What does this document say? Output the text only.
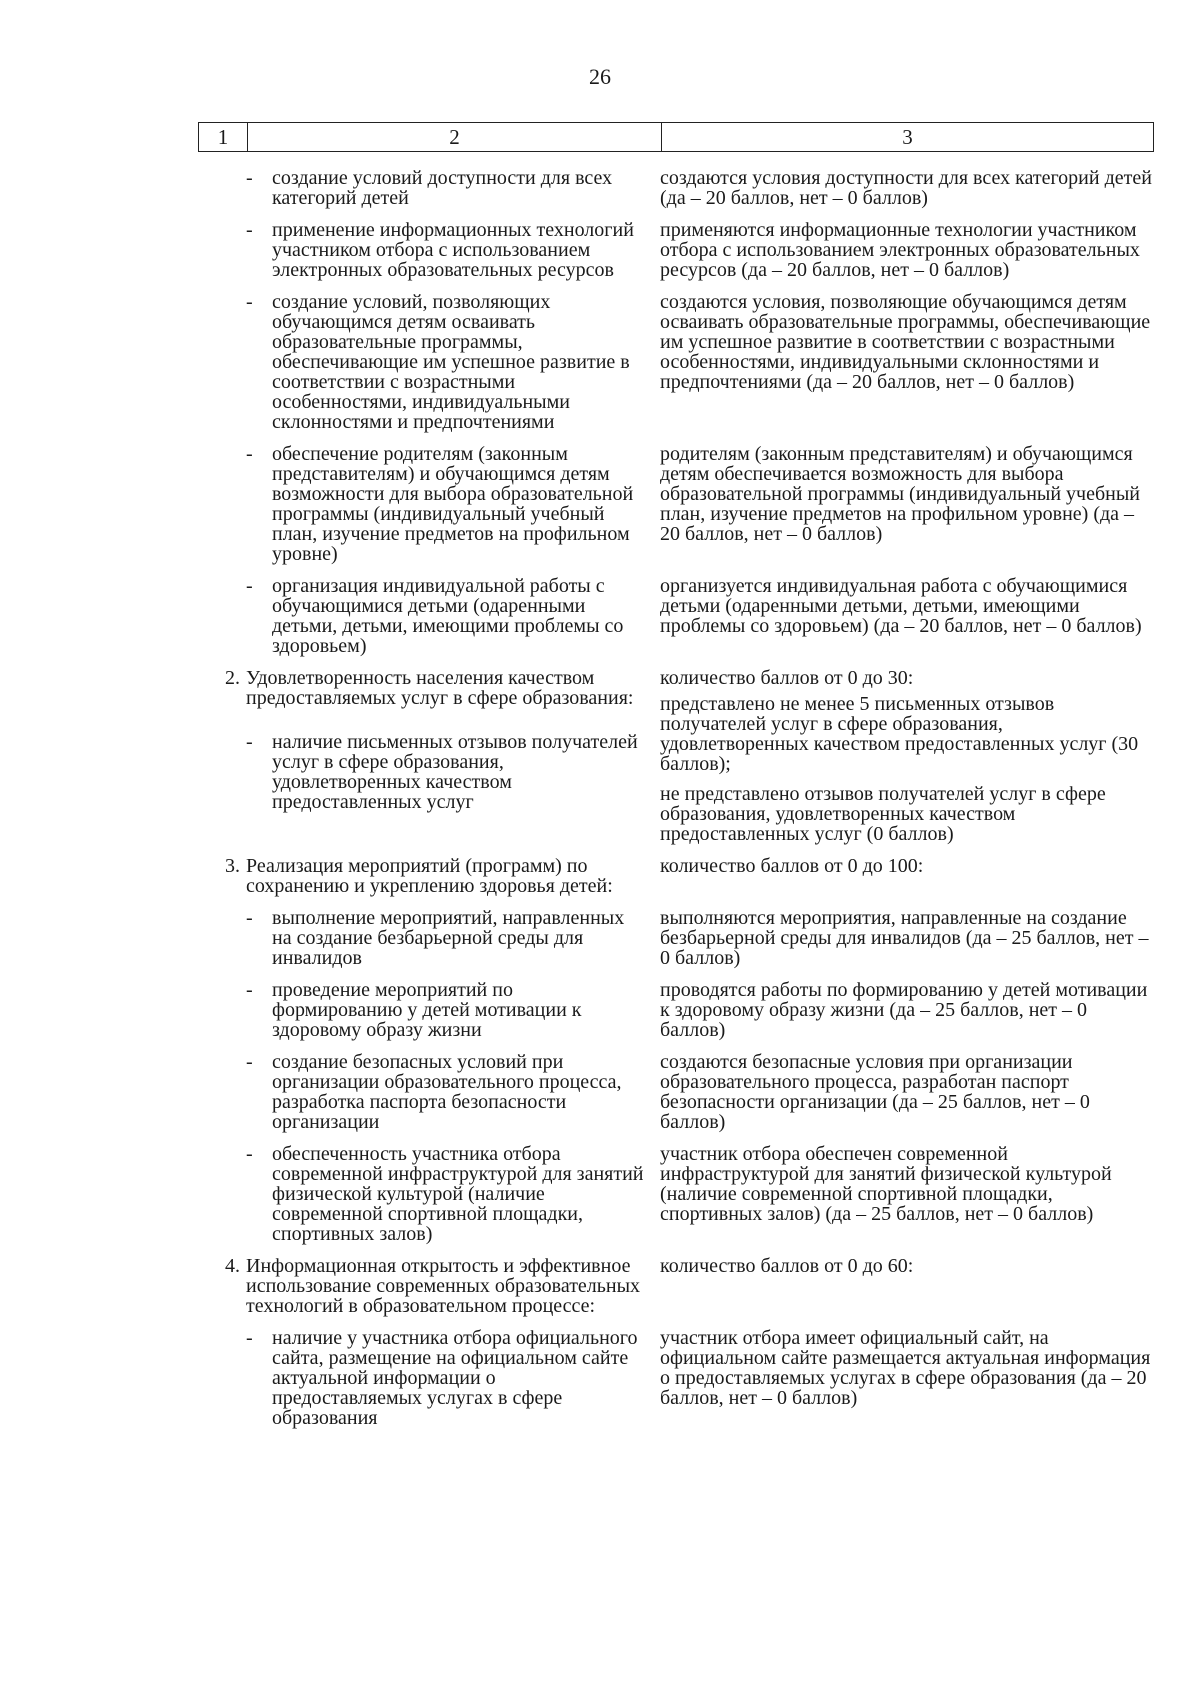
26
1	2	3
- создание условий доступности для всех категорий детей
создаются условия доступности для всех категорий детей (да – 20 баллов, нет – 0 баллов)
- применение информационных технологий участником отбора с использованием электронных образовательных ресурсов
применяются информационные технологии участником отбора с использованием электронных образовательных ресурсов (да – 20 баллов, нет – 0 баллов)
- создание условий, позволяющих обучающимся детям осваивать образовательные программы, обеспечивающие им успешное развитие в соответствии с возрастными особенностями, индивидуальными склонностями и предпочтениями
создаются условия, позволяющие обучающимся детям осваивать образовательные программы, обеспечивающие им успешное развитие в соответствии с возрастными особенностями, индивидуальными склонностями и предпочтениями (да – 20 баллов, нет – 0 баллов)
- обеспечение родителям (законным представителям) и обучающимся детям возможности для выбора образовательной программы (индивидуальный учебный план, изучение предметов на профильном уровне)
родителям (законным представителям) и обучающимся детям обеспечивается возможность для выбора образовательной программы (индивидуальный учебный план, изучение предметов на профильном уровне) (да – 20 баллов, нет – 0 баллов)
- организация индивидуальной работы с обучающимися детьми (одаренными детьми, детьми, имеющими проблемы со здоровьем)
организуется индивидуальная работа с обучающимися детьми (одаренными детьми, детьми, имеющими проблемы со здоровьем) (да – 20 баллов, нет – 0 баллов)
2. Удовлетворенность населения качеством предоставляемых услуг в сфере образования:
количество баллов от 0 до 30:
- наличие письменных отзывов получателей услуг в сфере образования, удовлетворенных качеством предоставленных услуг
представлено не менее 5 письменных отзывов получателей услуг в сфере образования, удовлетворенных качеством предоставленных услуг (30 баллов);
не представлено отзывов получателей услуг в сфере образования, удовлетворенных качеством предоставленных услуг (0 баллов)
3. Реализация мероприятий (программ) по сохранению и укреплению здоровья детей:
количество баллов от 0 до 100:
- выполнение мероприятий, направленных на создание безбарьерной среды для инвалидов
выполняются мероприятия, направленные на создание безбарьерной среды для инвалидов (да – 25 баллов, нет – 0 баллов)
- проведение мероприятий по формированию у детей мотивации к здоровому образу жизни
проводятся работы по формированию у детей мотивации к здоровому образу жизни (да – 25 баллов, нет – 0 баллов)
- создание безопасных условий при организации образовательного процесса, разработка паспорта безопасности организации
создаются безопасные условия при организации образовательного процесса, разработан паспорт безопасности организации (да – 25 баллов, нет – 0 баллов)
- обеспеченность участника отбора современной инфраструктурой для занятий физической культурой (наличие современной спортивной площадки, спортивных залов)
участник отбора обеспечен современной инфраструктурой для занятий физической культурой (наличие современной спортивной площадки, спортивных залов) (да – 25 баллов, нет – 0 баллов)
4. Информационная открытость и эффективное использование современных образовательных технологий в образовательном процессе:
количество баллов от 0 до 60:
- наличие у участника отбора официального сайта, размещение на официальном сайте актуальной информации о предоставляемых услугах в сфере образования
участник отбора имеет официальный сайт, на официальном сайте размещается актуальная информация о предоставляемых услугах в сфере образования (да – 20 баллов, нет – 0 баллов)
